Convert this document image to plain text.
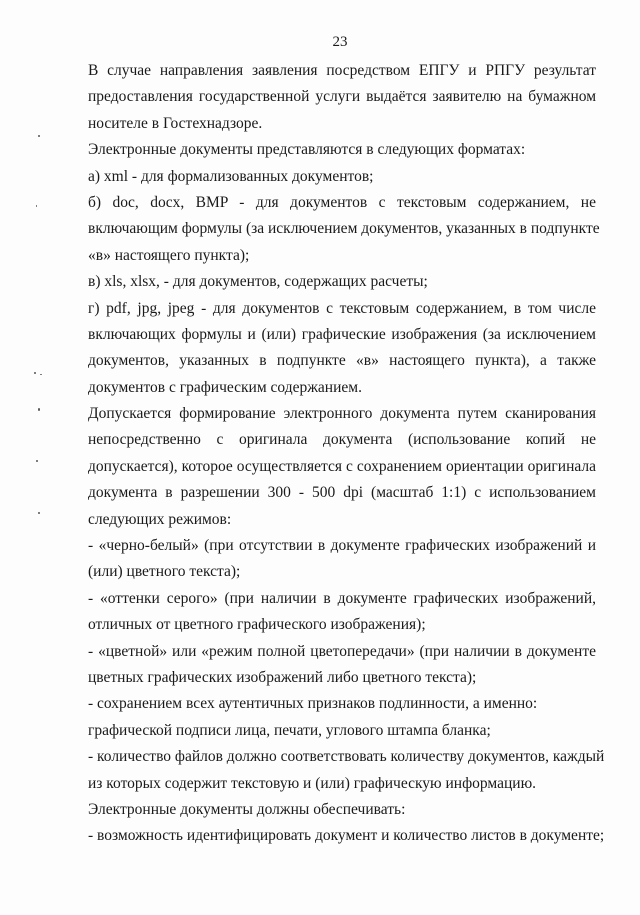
23
В случае направления заявления посредством ЕПГУ и РПГУ результат
предоставления государственной услуги выдаётся заявителю на бумажном
носителе в Гостехнадзоре.
Электронные документы представляются в следующих форматах:
а) xml - для формализованных документов;
б) doc, docx, BMP - для документов с текстовым содержанием, не
включающим формулы (за исключением документов, указанных в подпункте
«в» настоящего пункта);
в) xls, xlsx, - для документов, содержащих расчеты;
г) pdf, jpg, jpeg - для документов с текстовым содержанием, в том числе
включающих формулы и (или) графические изображения (за исключением
документов, указанных в подпункте «в» настоящего пункта), а также
документов с графическим содержанием.
Допускается формирование электронного документа путем сканирования
непосредственно с оригинала документа (использование копий не
допускается), которое осуществляется с сохранением ориентации оригинала
документа в разрешении 300 - 500 dpi (масштаб 1:1) с использованием
следующих режимов:
- «черно-белый» (при отсутствии в документе графических изображений и
(или) цветного текста);
- «оттенки серого» (при наличии в документе графических изображений,
отличных от цветного графического изображения);
- «цветной» или «режим полной цветопередачи» (при наличии в документе
цветных графических изображений либо цветного текста);
- сохранением всех аутентичных признаков подлинности, а именно:
графической подписи лица, печати, углового штампа бланка;
- количество файлов должно соответствовать количеству документов, каждый
из которых содержит текстовую и (или) графическую информацию.
Электронные документы должны обеспечивать:
- возможность идентифицировать документ и количество листов в документе;
